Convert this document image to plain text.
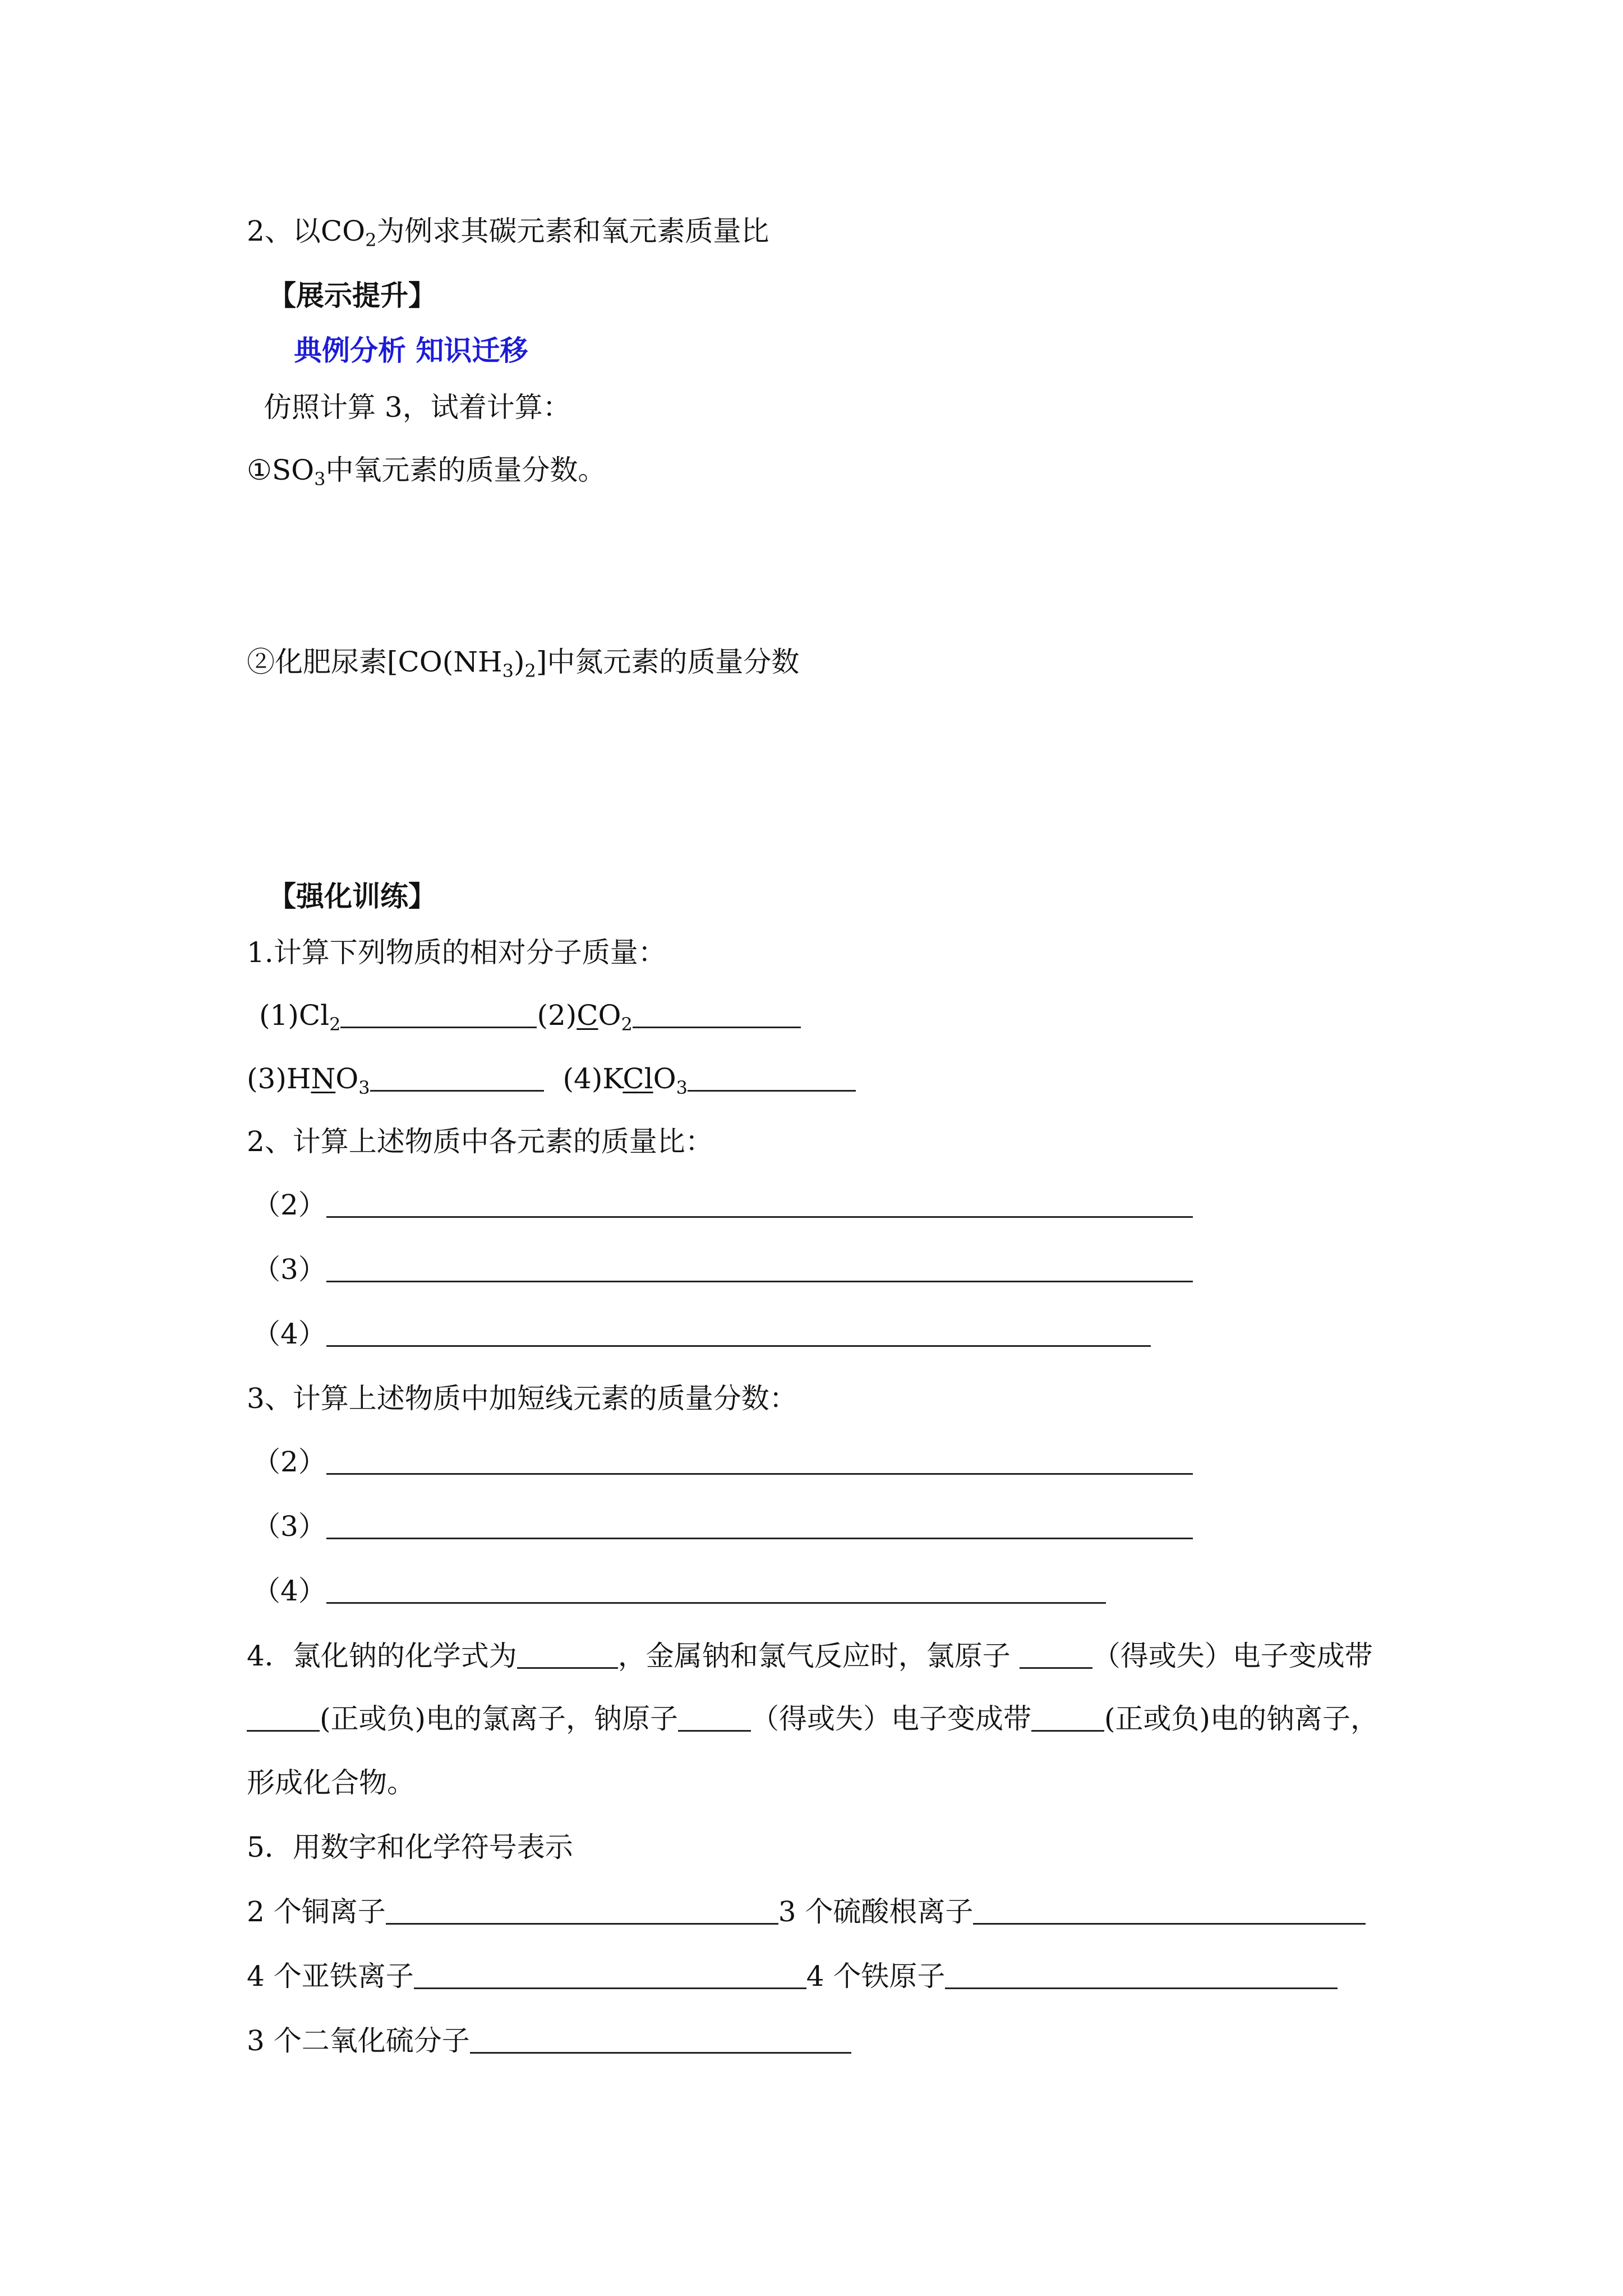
2、以$CO_2$为例求其碳元素和氧元素质量比
【展示提升】
典例分析 知识迁移
仿照计算 3，试着计算：
$①SO_3$中氧元素的质量分数。
②化肥尿素$[CO(NH_3)_2]$中氮元素的质量分数
【强化训练】
1.计算下列物质的相对分子质量：
$(1)Cl_2$	$(2)CO_2$
$(3)HNO_3$	(4)KClO$_3$
2、计算上述物质中各元素的质量比：
（2）
（3）
（4）
3、计算上述物质中加短线元素的质量分数：
（2）
（3）
（4）
4．氯化钠的化学式为	，金属钠和氯气反应时，氯原子	（得或失）电子变成带
(正或负)电的氯离子，钠原子	（得或失）电子变成带	(正或负)电的钠离子，
形成化合物。
5．用数字和化学符号表示
2 个铜离子	3 个硫酸根离子
4 个亚铁离子	4 个铁原子
3 个二氧化硫分子
